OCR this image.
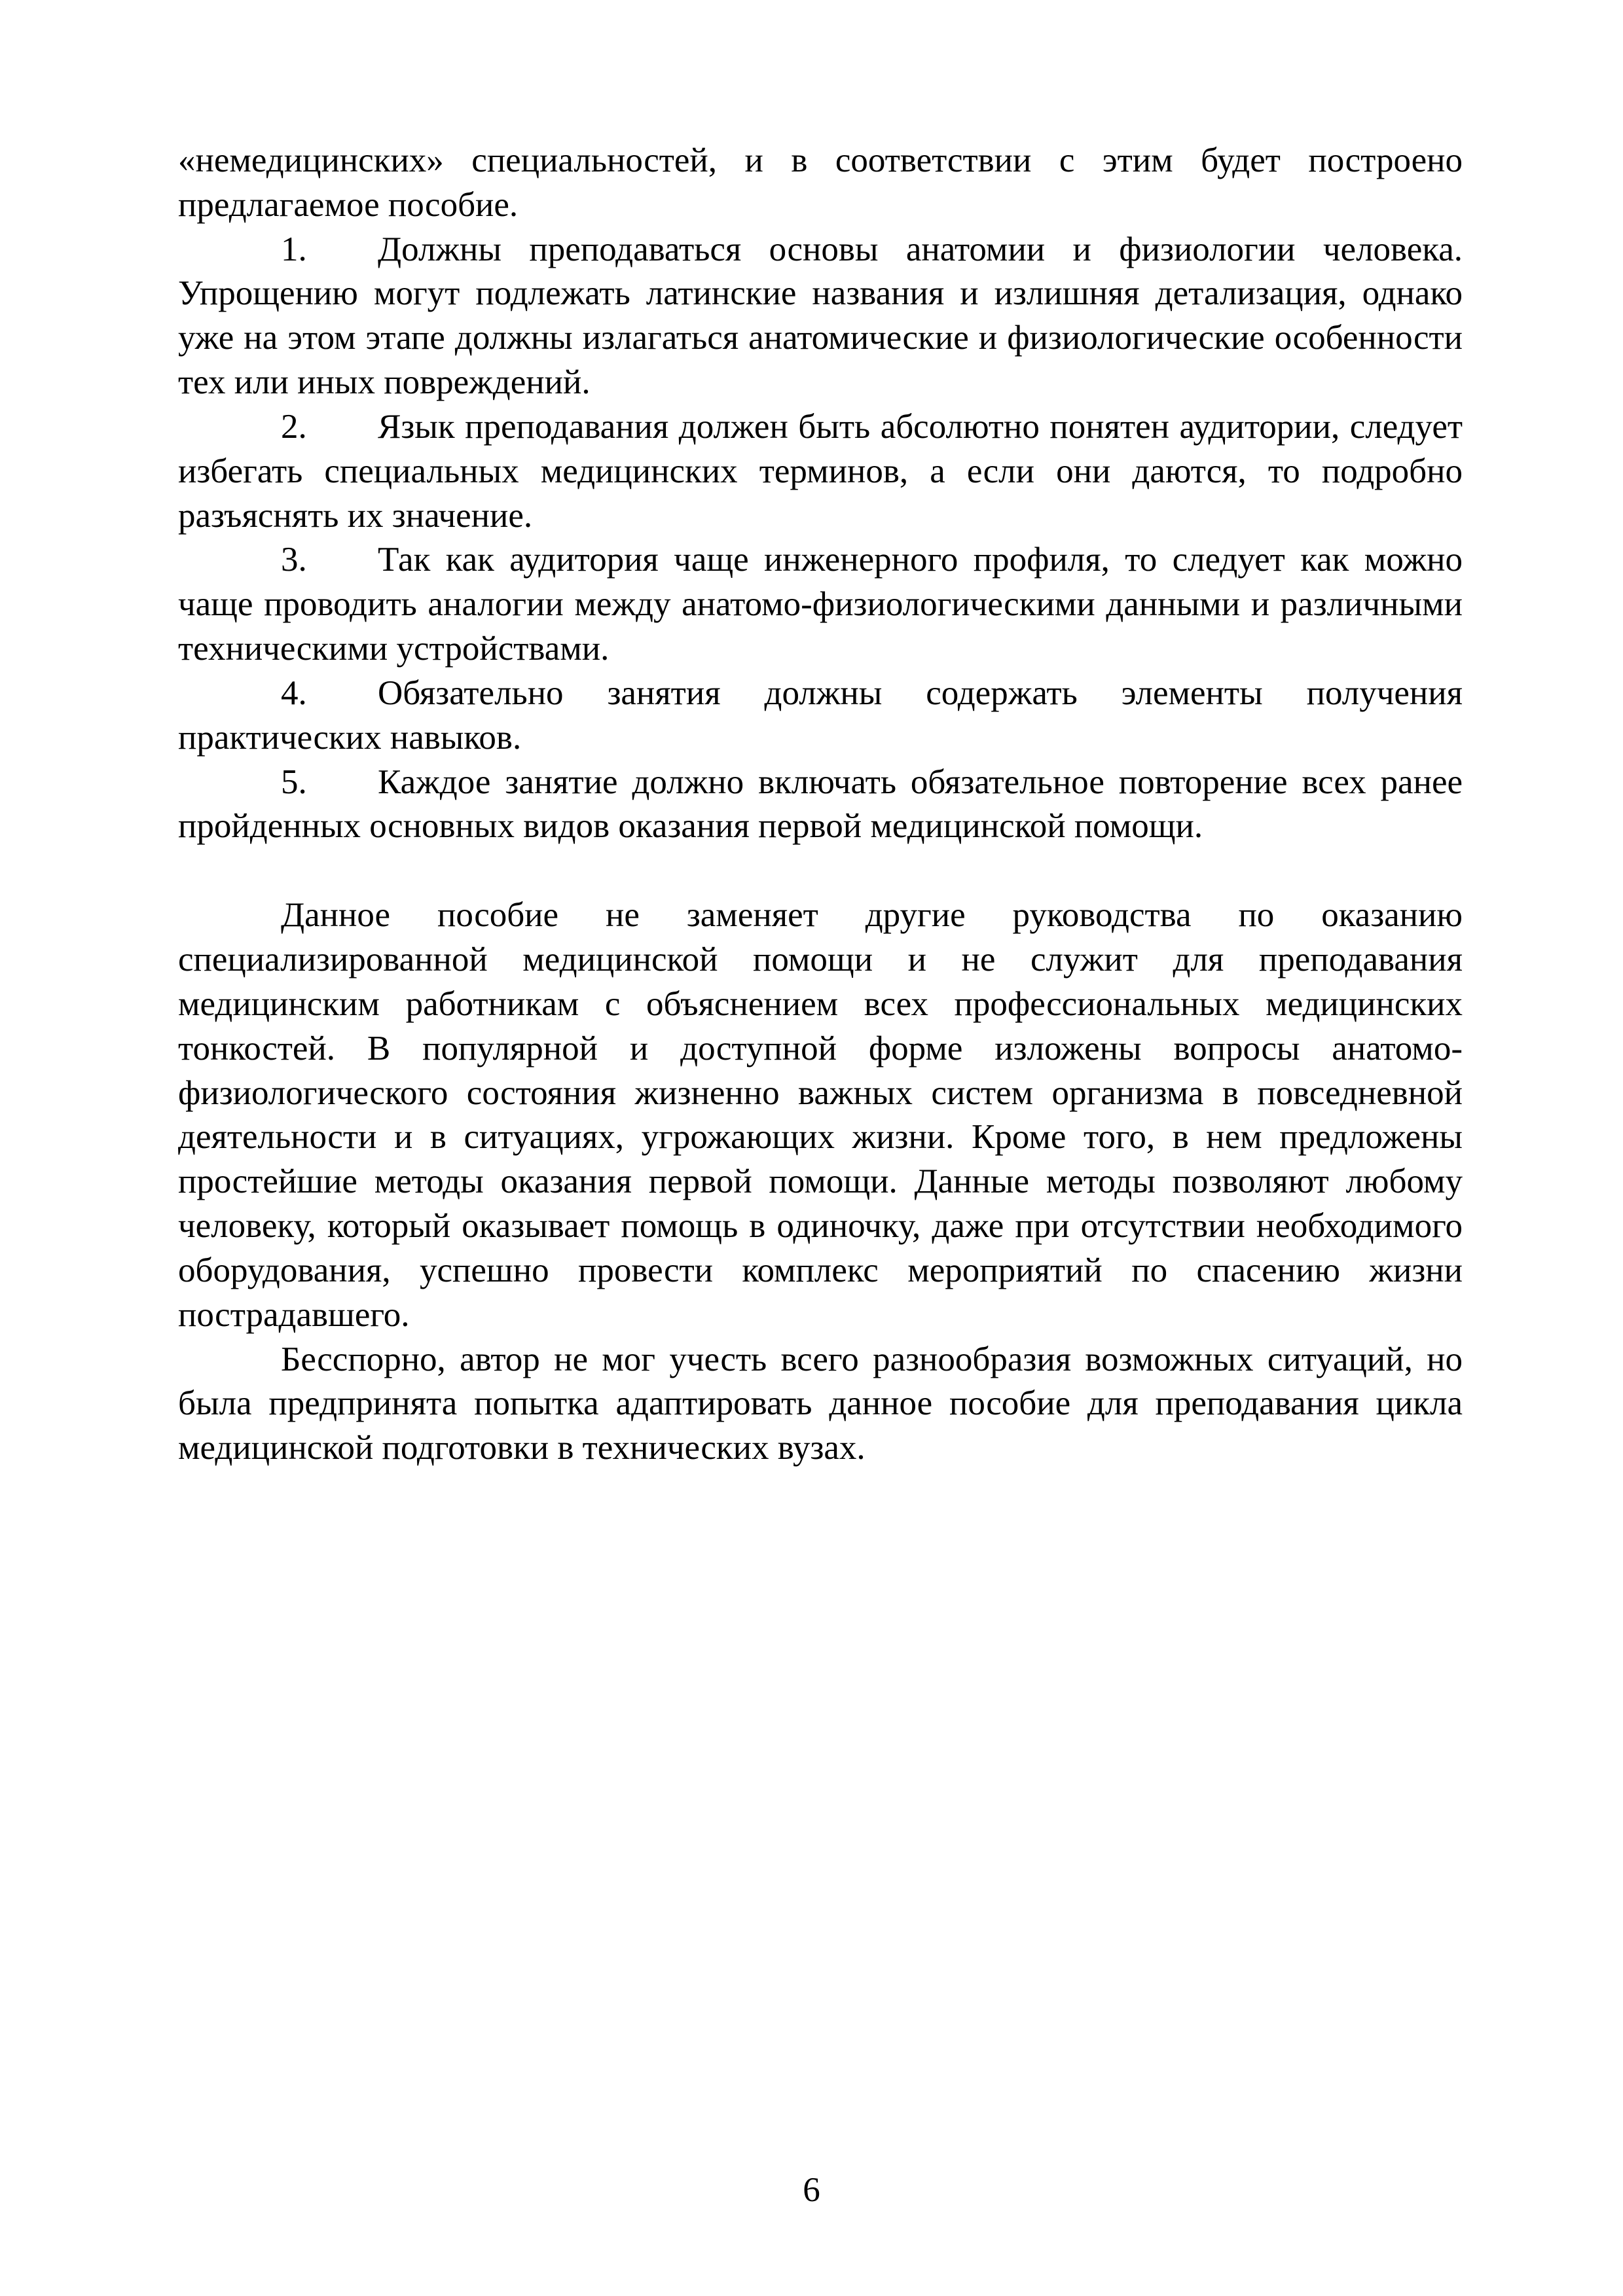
«немедицинских» специальностей, и в соответствии с этим будет построено предлагаемое пособие.

1. Должны преподаваться основы анатомии и физиологии человека. Упрощению могут подлежать латинские названия и излишняя детализация, однако уже на этом этапе должны излагаться анатомические и физиологические особенности тех или иных повреждений.

2. Язык преподавания должен быть абсолютно понятен аудитории, следует избегать специальных медицинских терминов, а если они даются, то подробно разъяснять их значение.

3. Так как аудитория чаще инженерного профиля, то следует как можно чаще проводить аналогии между анатомо-физиологическими данными и различными техническими устройствами.

4. Обязательно занятия должны содержать элементы получения практических навыков.

5. Каждое занятие должно включать обязательное повторение всех ранее пройденных основных видов оказания первой медицинской помощи.

Данное пособие не заменяет другие руководства по оказанию специализированной медицинской помощи и не служит для преподавания медицинским работникам с объяснением всех профессиональных медицинских тонкостей. В популярной и доступной форме изложены вопросы анатомо-физиологического состояния жизненно важных систем организма в повседневной деятельности и в ситуациях, угрожающих жизни. Кроме того, в нем предложены простейшие методы оказания первой помощи. Данные методы позволяют любому человеку, который оказывает помощь в одиночку, даже при отсутствии необходимого оборудования, успешно провести комплекс мероприятий по спасению жизни пострадавшего.

Бесспорно, автор не мог учесть всего разнообразия возможных ситуаций, но была предпринята попытка адаптировать данное пособие для преподавания цикла медицинской подготовки в технических вузах.

6
